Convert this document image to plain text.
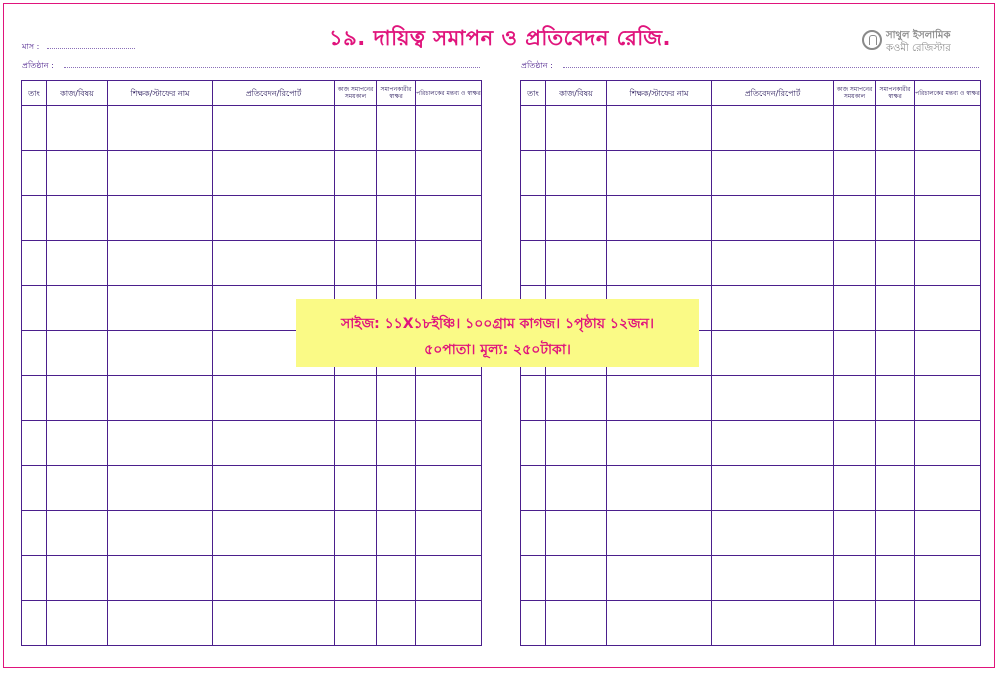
১৯. দায়িত্ব সমাপন ও প্রতিবেদন রেজি.	সাথুল ইসলামিক
কওমী রেজিস্টার
মাস :
প্রতিষ্ঠান :	প্রতিষ্ঠান :
তাং	কাজ/বিষয়	শিক্ষক/স্টাফের নাম	প্রতিবেদন/রিপোর্ট	কাজ সমাপনের সময়কাল	সমাপনকারীর স্বাক্ষর	পরিচালকের মন্তব্য ও স্বাক্ষর

							তাং	কাজ/বিষয়	শিক্ষক/স্টাফের নাম	প্রতিবেদন/রিপোর্ট	কাজ সমাপনের সময়কাল	সমাপনকারীর স্বাক্ষর	পরিচালকের মন্তব্য ও স্বাক্ষর

সাইজ: ১১X১৮ইঞ্চি। ১০০গ্রাম কাগজ। ১পৃষ্ঠায় ১২জন।
৫০পাতা। মূল্য: ২৫০টাকা।
